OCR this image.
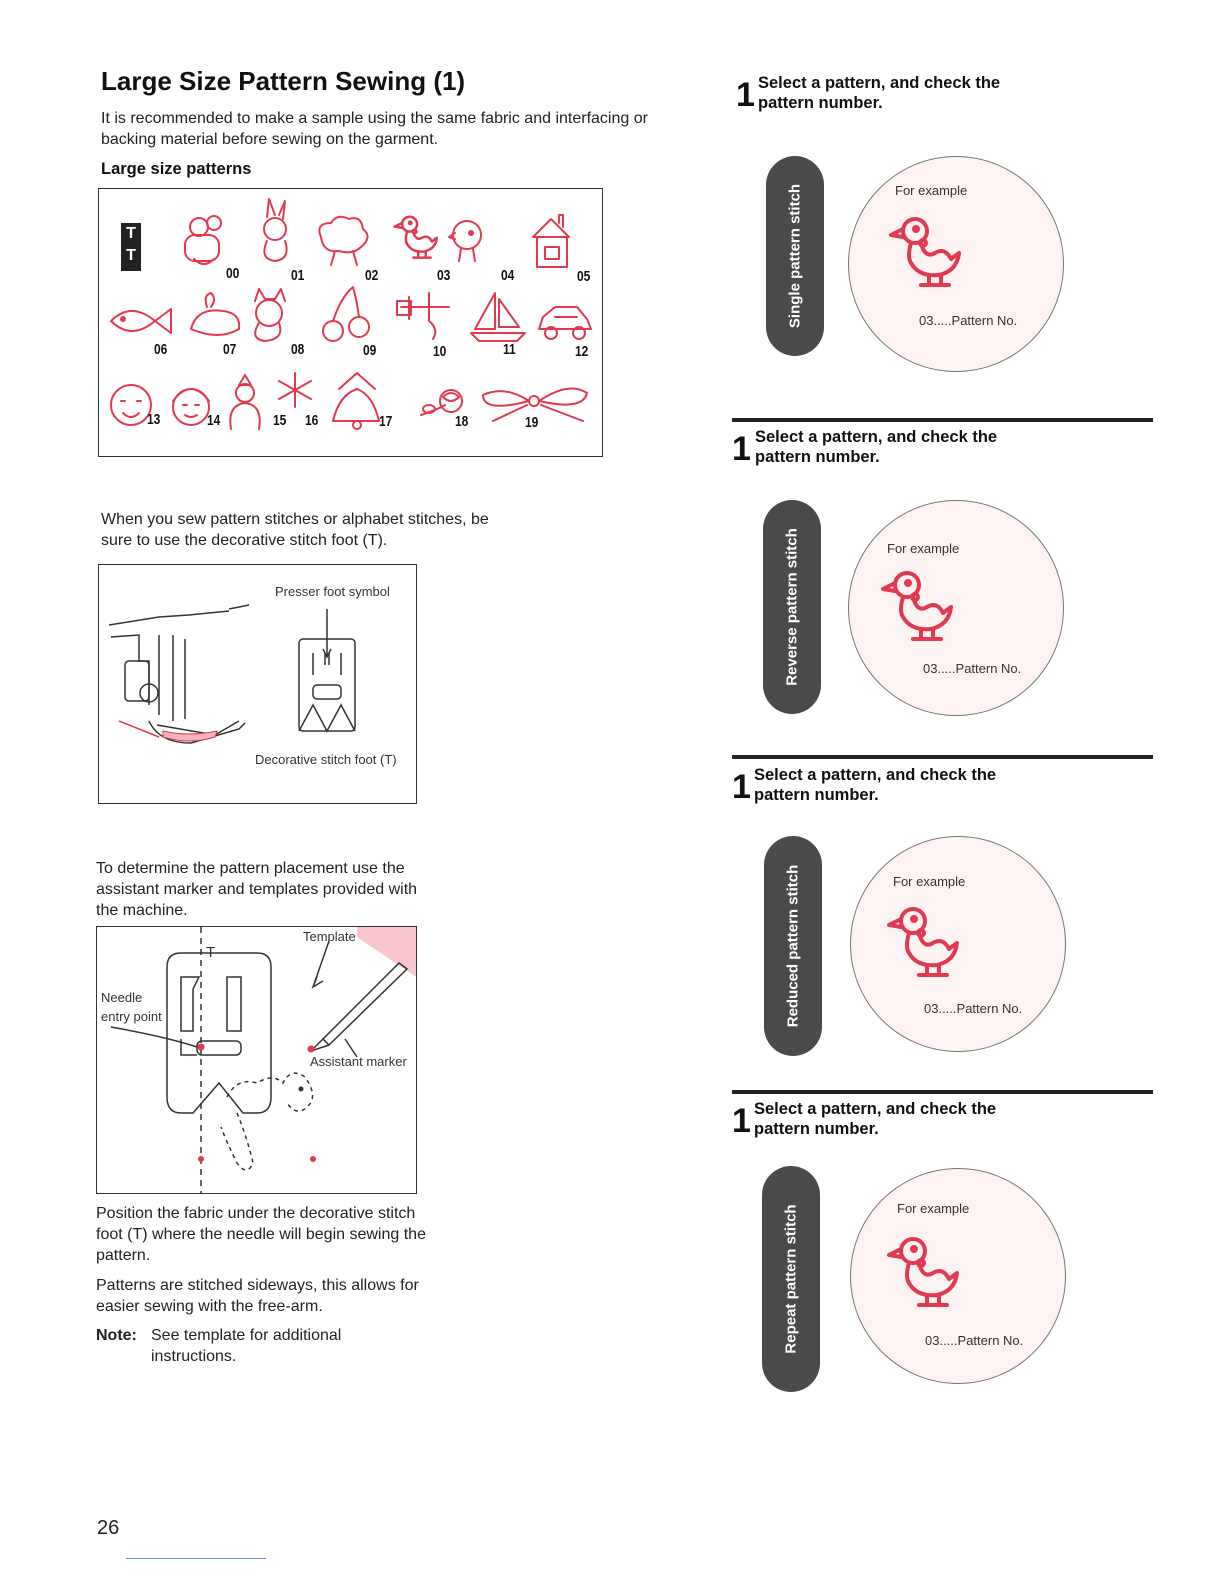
Large Size Pattern Sewing (1)
It is recommended to make a sample using the same fabric and interfacing or backing material before sewing on the garment.
Large size patterns
T
T
00	01	02	03	04	05
06	07	08	09	10	11	12
13	14	15 16	17	18	19
When you sew pattern stitches or alphabet stitches, be sure to use the decorative stitch foot (T).
Presser foot symbol
Decorative stitch foot (T)
To determine the pattern placement use the assistant marker and templates provided with the machine.
Template
Needle
entry point
Assistant marker
T
Position the fabric under the decorative stitch foot (T) where the needle will begin sewing the pattern.
Patterns are stitched sideways, this allows for easier sewing with the free-arm.
Note: See template for additional
instructions.
26
1 Select a pattern, and check the
pattern number.
Single pattern stitch	For example
03.....Pattern No.
1 Select a pattern, and check the
pattern number.
Reverse pattern stitch	For example
03.....Pattern No.
1 Select a pattern, and check the
pattern number.
Reduced pattern stitch	For example
03.....Pattern No.
1 Select a pattern, and check the
pattern number.
Repeat pattern stitch	For example
03.....Pattern No.
